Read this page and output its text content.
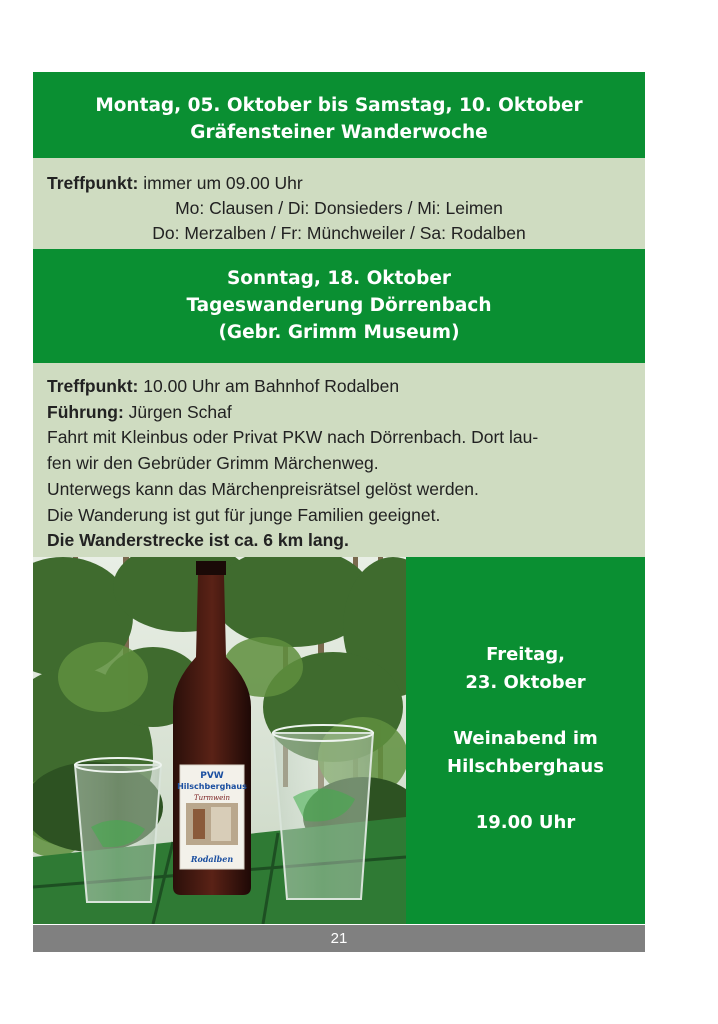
Montag, 05. Oktober bis Samstag, 10. Oktober
Gräfensteiner Wanderwoche
Treffpunkt: immer um 09.00 Uhr
Mo: Clausen / Di: Donsieders / Mi: Leimen
Do: Merzalben / Fr: Münchweiler / Sa: Rodalben
Sonntag, 18. Oktober
Tageswanderung Dörrenbach
(Gebr. Grimm Museum)
Treffpunkt: 10.00 Uhr am Bahnhof Rodalben
Führung: Jürgen Schaf
Fahrt mit Kleinbus oder Privat PKW nach Dörrenbach. Dort lau-
fen wir den Gebrüder Grimm Märchenweg.
Unterwegs kann das Märchenpreisrätsel gelöst werden.
Die Wanderung ist gut für junge Familien geeignet.
Die Wanderstrecke ist ca. 6 km lang.
PVW
Hilschberghaus
Turmwein
Rodalben
Freitag,
23. Oktober
Weinabend im
Hilschberghaus
19.00 Uhr
21
